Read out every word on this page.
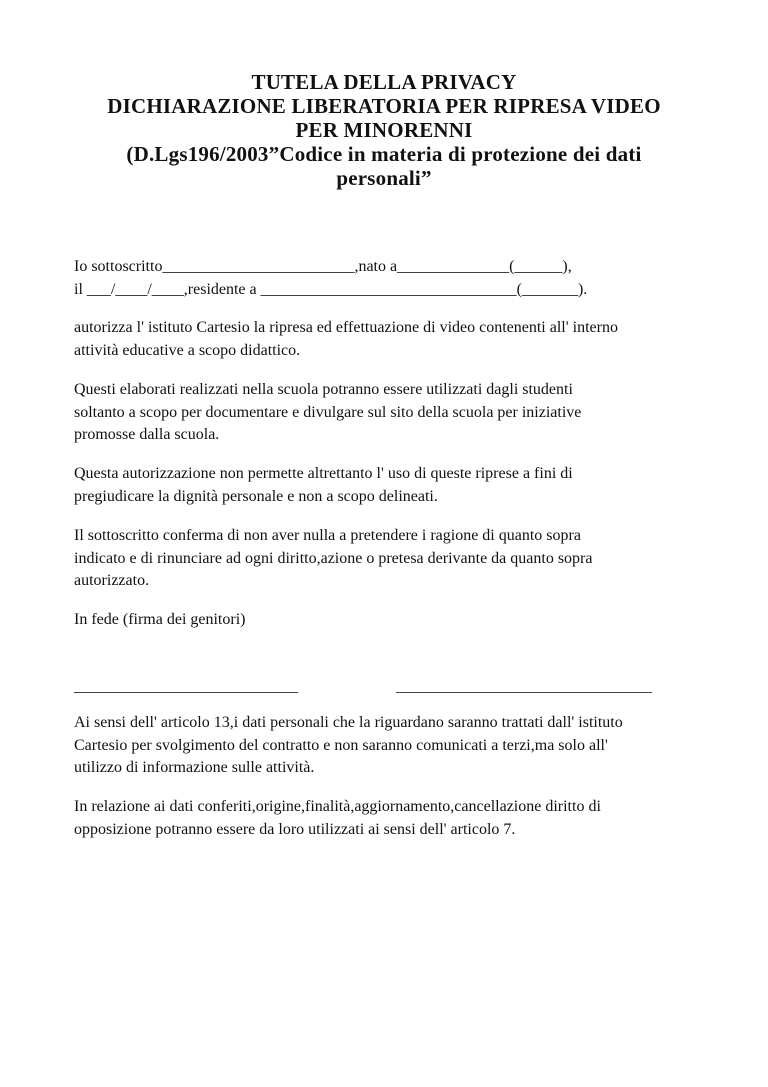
TUTELA DELLA PRIVACY
DICHIARAZIONE LIBERATORIA PER RIPRESA VIDEO
PER MINORENNI
(D.Lgs196/2003”Codice in materia di protezione dei dati
personali”

Io sottoscritto________________________,nato a______________(______),

il ___/____/____,residente a ________________________________(_______).

autorizza l' istituto Cartesio la ripresa ed effettuazione di video contenenti all' interno

attività educative a scopo didattico.

Questi elaborati realizzati nella scuola potranno essere utilizzati dagli studenti

soltanto a scopo per documentare e divulgare sul sito della scuola per iniziative

promosse dalla scuola.

Questa autorizzazione non permette altrettanto l' uso di queste riprese a fini di

pregiudicare la dignità personale e non a scopo delineati.

Il sottoscritto conferma di non aver nulla a pretendere i ragione di quanto sopra

indicato e di rinunciare ad ogni diritto,azione o pretesa derivante da quanto sopra

autorizzato.

In fede (firma dei genitori)

____________________________	________________________________

Ai sensi dell' articolo 13,i dati personali che la riguardano saranno trattati dall' istituto

Cartesio per svolgimento del contratto e non saranno comunicati a terzi,ma solo all'

utilizzo di informazione sulle attività.

In relazione ai dati conferiti,origine,finalità,aggiornamento,cancellazione diritto di

opposizione potranno essere da loro utilizzati ai sensi dell' articolo 7.
